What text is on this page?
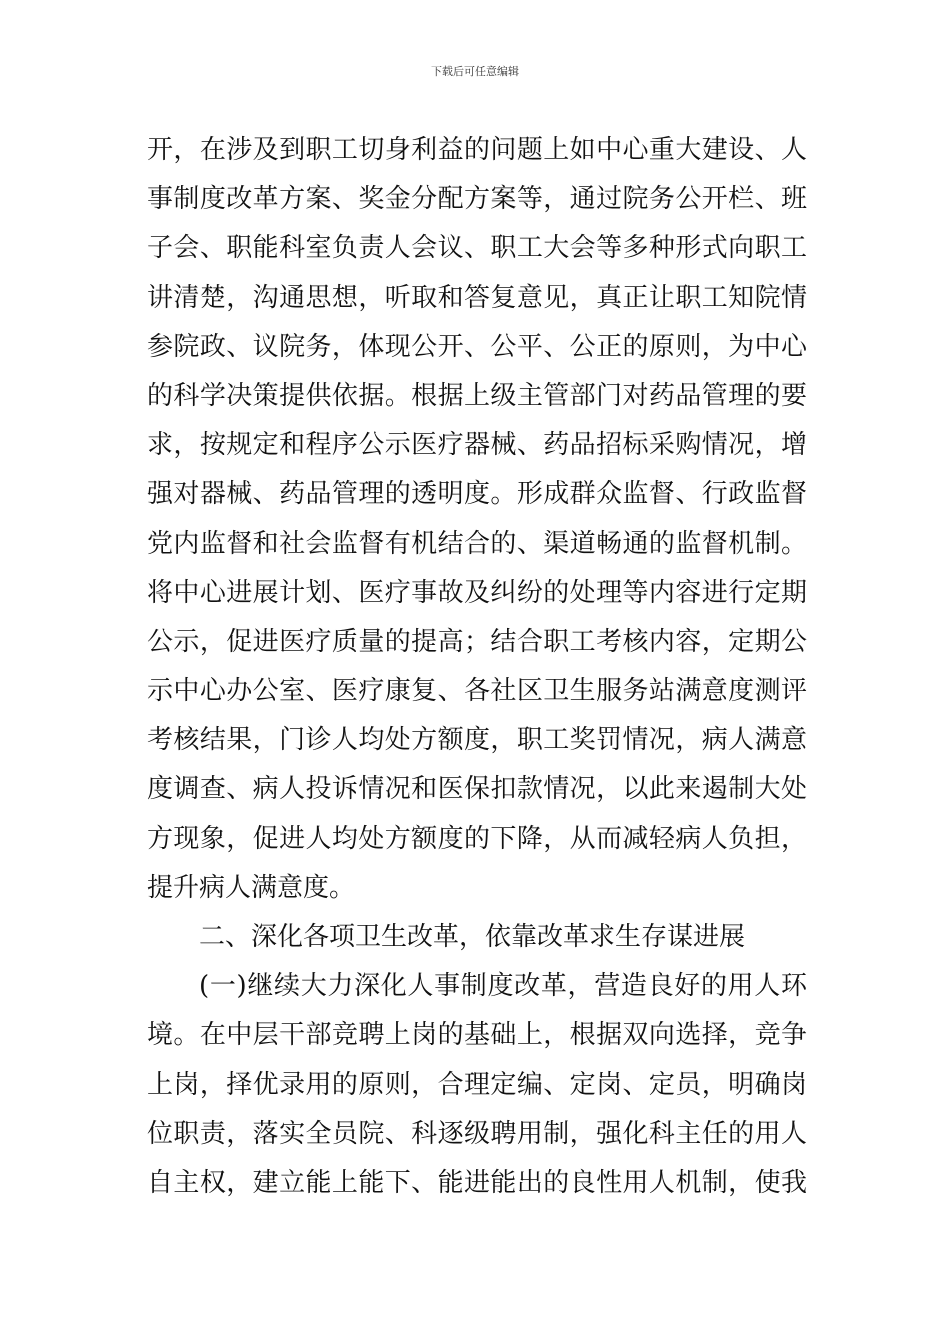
下载后可任意编辑
开，在涉及到职工切身利益的问题上如中心重大建设、人
事制度改革方案、奖金分配方案等，通过院务公开栏、班
子会、职能科室负责人会议、职工大会等多种形式向职工
讲清楚，沟通思想，听取和答复意见，真正让职工知院情
参院政、议院务，体现公开、公平、公正的原则，为中心
的科学决策提供依据。根据上级主管部门对药品管理的要
求，按规定和程序公示医疗器械、药品招标采购情况，增
强对器械、药品管理的透明度。形成群众监督、行政监督
党内监督和社会监督有机结合的、渠道畅通的监督机制。
将中心进展计划、医疗事故及纠纷的处理等内容进行定期
公示，促进医疗质量的提高；结合职工考核内容，定期公
示中心办公室、医疗康复、各社区卫生服务站满意度测评
考核结果，门诊人均处方额度，职工奖罚情况，病人满意
度调查、病人投诉情况和医保扣款情况，以此来遏制大处
方现象，促进人均处方额度的下降，从而减轻病人负担，
提升病人满意度。
二、深化各项卫生改革，依靠改革求生存谋进展
(一)继续大力深化人事制度改革，营造良好的用人环
境。在中层干部竞聘上岗的基础上，根据双向选择，竞争
上岗，择优录用的原则，合理定编、定岗、定员，明确岗
位职责，落实全员院、科逐级聘用制，强化科主任的用人
自主权，建立能上能下、能进能出的良性用人机制，使我
